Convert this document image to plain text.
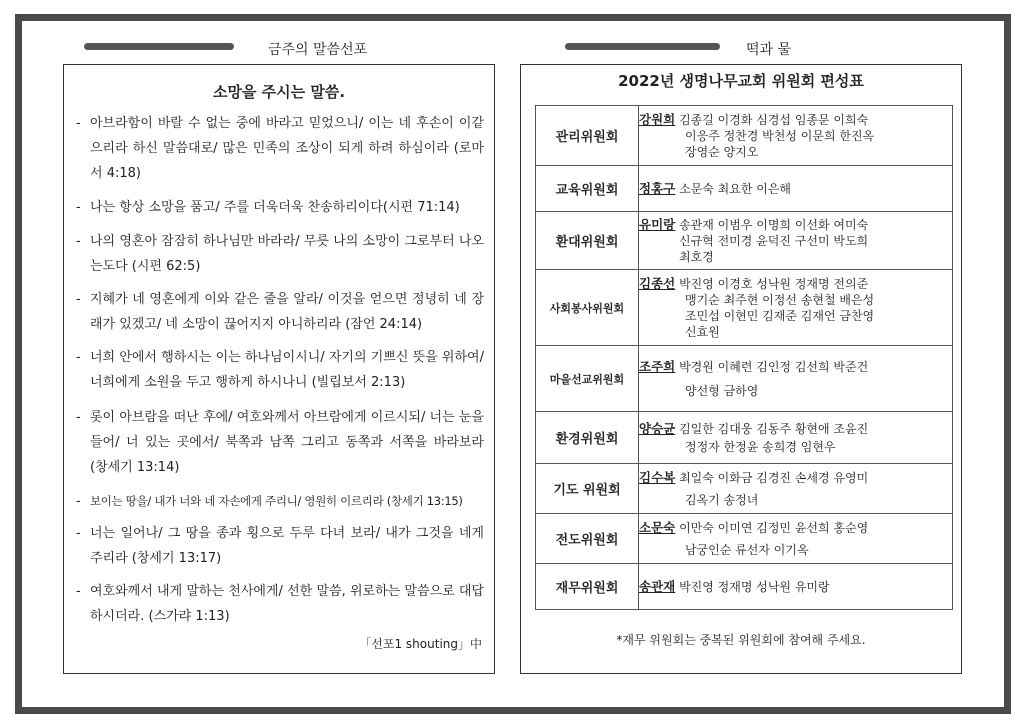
금주의 말씀선포	떡과 물
소망을 주시는 말씀.
- 아브라함이 바랄 수 없는 중에 바라고 믿었으니/ 이는 네 후손이 이같으리라 하신 말씀대로/ 많은 민족의 조상이 되게 하려 하심이라 (로마서 4:18)
- 나는 항상 소망을 품고/ 주를 더욱더욱 찬송하리이다(시편 71:14)
- 나의 영혼아 잠잠히 하나님만 바라라/ 무릇 나의 소망이 그로부터 나오는도다 (시편 62:5)
- 지혜가 네 영혼에게 이와 같은 줄을 알라/ 이것을 얻으면 정녕히 네 장래가 있겠고/ 네 소망이 끊어지지 아니하리라 (잠언 24:14)
- 너희 안에서 행하시는 이는 하나님이시니/ 자기의 기쁘신 뜻을 위하여/ 너희에게 소원을 두고 행하게 하시나니 (빌립보서 2:13)
- 롯이 아브람을 떠난 후에/ 여호와께서 아브람에게 이르시되/ 너는 눈을 들어/ 너 있는 곳에서/ 북쪽과 남쪽 그리고 동쪽과 서쪽을 바라보라 (창세기 13:14)
- 보이는 땅을/ 내가 너와 네 자손에게 주리니/ 영원히 이르리라 (창세기 13:15)
- 너는 일어나/ 그 땅을 종과 횡으로 두루 다녀 보라/ 내가 그것을 네게 주리라 (창세기 13:17)
- 여호와께서 내게 말하는 천사에게/ 선한 말씀, 위로하는 말씀으로 대답하시더라. (스가랴 1:13)
「선포1 shouting」中
2022년 생명나무교회 위원회 편성표
관리위원회	강원희 김종길 이경화 심경섭 임종문 이희숙
이응주 정찬경 박천성 이문희 한진옥
장영순 양지오

교육위원회	정홍구 소문숙 최요한 이은해
환대위원회	유미랑 송관재 이범우 이명희 이선화 여미숙
신규혁 전미경 윤덕진 구선미 박도희
최호경

사회봉사위원회	김종선 박진영 이경호 성낙원 정재명 전의준
맹기순 최주현 이정선 송현철 배은성
조민섭 이현민 김재준 김재언 금찬영
신효원

마을선교위원회	조주희 박경원 이혜련 김인정 김선희 박준건
양선형 금하영

환경위원회	양승균 김일한 김대웅 김동주 황현애 조윤진
정정자 한정윤 송희경 임현우

기도 위원회	김수복 최일숙 이화금 김경진 손세경 유영미
김옥기 송정녀

전도위원회	소문숙 이만숙 이미연 김정민 윤선희 홍순영
남궁인순 류선자 이기옥

재무위원회	송관재 박진영 정재명 성낙원 유미랑
*재무 위원회는 중복된 위원회에 참여해 주세요.
